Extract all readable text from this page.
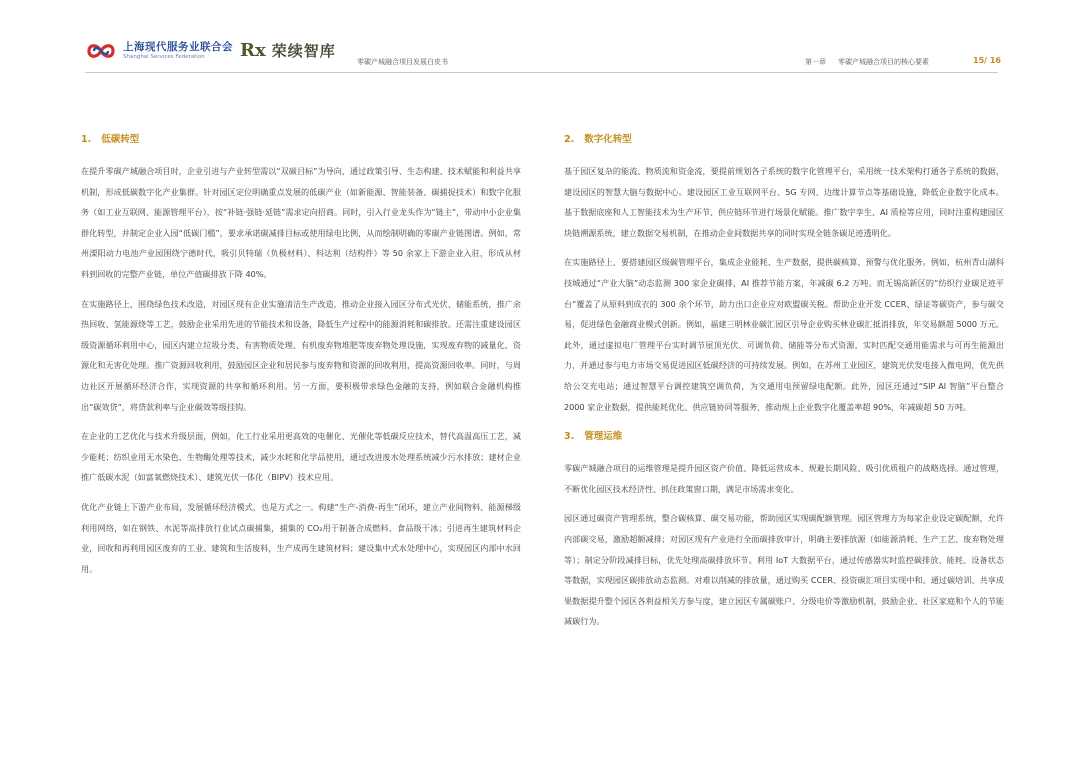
上海现代服务业联合会
Shanghai Services Federation	Rx 荣续智库
零碳产城融合项目发展白皮书	第一章 零碳产城融合项目的核心要素	15/ 16
1. 低碳转型

在提升零碳产城融合项目时，企业引进与产业转型需以“双碳目标”为导向，通过政策引导、生态构建、技术赋能和利益共享机制，形成低碳数字化产业集群。针对园区定位明确重点发展的低碳产业（如新能源、智能装备、碳捕捉技术）和数字化服务（如工业互联网、能源管理平台），按“补链·强链·延链”需求定向招商。同时，引入行业龙头作为“链主”，带动中小企业集群化转型，并制定企业入园“低碳门槛”，要求承诺碳减排目标或使用绿电比例，从而绘制明确的零碳产业链图谱。例如，常州溧阳动力电池产业园围绕宁德时代，吸引贝特瑞（负极材料）、科达利（结构件）等 50 余家上下游企业入驻，形成从材料到回收的完整产业链，单位产值碳排放下降 40%。

在实施路径上，围绕绿色技术改造，对园区现有企业实施清洁生产改造，推动企业接入园区分布式光伏、储能系统，推广余热回收、氢能源烧等工艺，鼓励企业采用先进的节能技术和设备，降低生产过程中的能源消耗和碳排放。还需注重建设园区级资源循环利用中心，园区内建立垃圾分类、有害物质处理、有机废弃物堆肥等废弃物处理设施，实现废弃物的减量化、资源化和无害化处理。推广资源回收利用，鼓励园区企业和居民参与废弃物和资源的回收利用，提高资源回收率。同时，与周边社区开展循环经济合作，实现资源的共享和循环利用。另一方面，要积极带求绿色金融的支持，例如联合金融机构推出“碳效贷”，将贷款利率与企业碳效等级挂钩。

在企业的工艺优化与技术升级层面，例如，化工行业采用更高效的电催化、光催化等低碳反应技术，替代高温高压工艺，减少能耗；纺织业用无水染色、生物酶处理等技术，减少水耗和化学品使用，通过改进废水处理系统减少污水排放；建材企业推广低碳水泥（如富氧燃烧技术）、建筑光伏一体化（BIPV）技术应用。

优化产业链上下游产业布局，发展循环经济模式，也是方式之一。构建“生产-消费-再生”闭环，建立产业间物料、能源梯级利用网络，如在钢铁、水泥等高排放行业试点碳捕集，捕集的 CO₂用于制备合成燃料、食品级干冰；引进再生建筑材料企业，回收和再利用园区废弃的工业、建筑和生活废料，生产成再生建筑材料；建设集中式水处理中心，实现园区内部中水回用。

2. 数字化转型

基于园区复杂的能流、物质流和资金流，要提前规划各子系统的数字化管理平台，采用统一技术架构打通各子系统的数据，建设园区的智慧大脑与数据中心。建设园区工业互联网平台、5G 专网、边缘计算节点等基础设施，降低企业数字化成本。基于数据底座和人工智能技术为生产环节、供应链环节进行场景化赋能。推广数字孪生、AI 质检等应用，同时注重构建园区块链溯源系统，建立数据交易机制，在推动企业间数据共享的同时实现全链条碳足迹透明化。

在实施路径上，要搭建园区级碳管理平台，集成企业能耗、生产数据，提供碳核算、预警与优化服务。例如，杭州青山湖科技城通过“产业大脑”动态监测 300 家企业碳排，AI 推荐节能方案，年减碳 6.2 万吨。而无锡高新区的“纺织行业碳足迹平台”覆盖了从原料到成衣的 300 余个环节，助力出口企业应对欧盟碳关税。帮助企业开发 CCER、绿证等碳资产，参与碳交易，促进绿色金融商业模式创新。例如，福建三明林业碳汇园区引导企业购买林业碳汇抵消排放，年交易额超 5000 万元。此外，通过虚拟电厂管理平台实时调节屋顶光伏、可调负荷、储能等分布式资源，实时匹配交通用能需求与可再生能源出力，并通过参与电力市场交易促进园区低碳经济的可持续发展。例如，在苏州工业园区，建筑光伏发电接入微电网，优先供给公交充电站；通过智慧平台调控建筑空调负荷，为交通用电预留绿电配额。此外，园区还通过“SIP AI 智脑”平台整合 2000 家企业数据，提供能耗优化、供应链协同等服务，推动规上企业数字化覆盖率超 90%，年减碳超 50 万吨。

3. 管理运维

零碳产城融合项目的运维管理是提升园区资产价值、降低运营成本、规避长期风险、吸引优质租户的战略选择。通过管理，不断优化园区技术经济性、抓住政策窗口期，满足市场需求变化。

园区通过碳资产管理系统，整合碳核算、碳交易功能，帮助园区实现碳配额管理。园区管理方为每家企业设定碳配额，允许内部碳交易，激励超额减排；对园区现有产业进行全面碳排放审计，明确主要排放源（如能源消耗、生产工艺、废弃物处理等）；制定分阶段减排目标，优先处理高碳排放环节。利用 IoT 大数据平台，通过传感器实时监控碳排放、能耗、设备状态等数据，实现园区碳排放动态监测。对难以削减的排放量，通过购买 CCER、投资碳汇项目实现中和。通过碳培训、共享成果数据提升整个园区各利益相关方参与度，建立园区专属碳账户、分级电价等激励机制，鼓励企业、社区家庭和个人的节能减碳行为。
